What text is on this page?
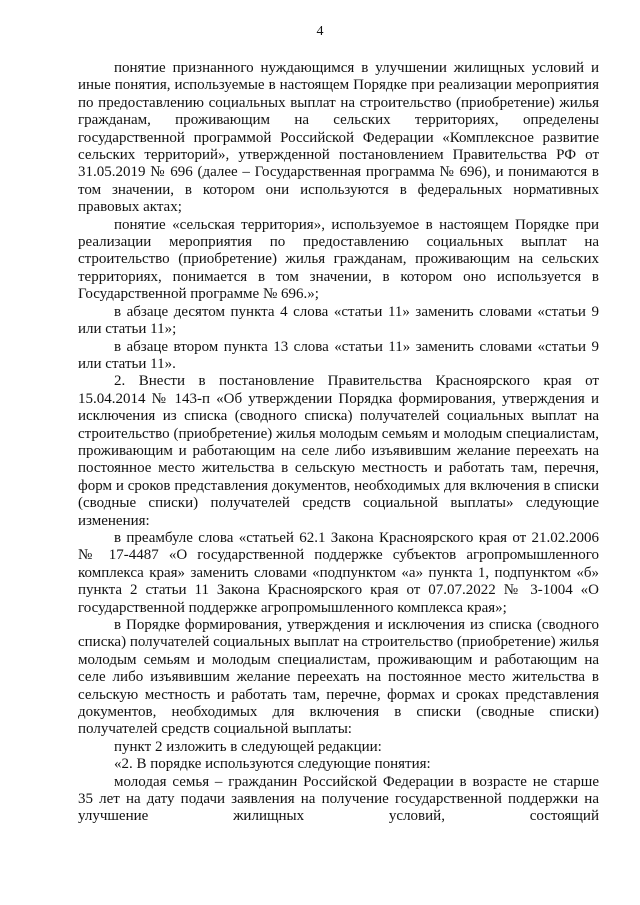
4

понятие признанного нуждающимся в улучшении жилищных условий и иные понятия, используемые в настоящем Порядке при реализации мероприятия по предоставлению социальных выплат на строительство (приобретение) жилья гражданам, проживающим на сельских территориях, определены государственной программой Российской Федерации «Комплексное развитие сельских территорий», утвержденной постановлением Правительства РФ от 31.05.2019 № 696 (далее – Государственная программа № 696), и понимаются в том значении, в котором они используются в федеральных нормативных правовых актах;

понятие «сельская территория», используемое в настоящем Порядке при реализации мероприятия по предоставлению социальных выплат на строительство (приобретение) жилья гражданам, проживающим на сельских территориях, понимается в том значении, в котором оно используется в Государственной программе № 696.»;

в абзаце десятом пункта 4 слова «статьи 11» заменить словами «статьи 9 или статьи 11»;

в абзаце втором пункта 13 слова «статьи 11» заменить словами «статьи 9 или статьи 11».

2. Внести в постановление Правительства Красноярского края от 15.04.2014 № 143-п «Об утверждении Порядка формирования, утверждения и исключения из списка (сводного списка) получателей социальных выплат на строительство (приобретение) жилья молодым семьям и молодым специалистам, проживающим и работающим на селе либо изъявившим желание переехать на постоянное место жительства в сельскую местность и работать там, перечня, форм и сроков представления документов, необходимых для включения в списки (сводные списки) получателей средств социальной выплаты» следующие изменения:

в преамбуле слова «статьей 62.1 Закона Красноярского края от 21.02.2006 № 17-4487 «О государственной поддержке субъектов агропромышленного комплекса края» заменить словами «подпунктом «а» пункта 1, подпунктом «б» пункта 2 статьи 11 Закона Красноярского края от 07.07.2022 № 3-1004 «О государственной поддержке агропромышленного комплекса края»;

в Порядке формирования, утверждения и исключения из списка (сводного списка) получателей социальных выплат на строительство (приобретение) жилья молодым семьям и молодым специалистам, проживающим и работающим на селе либо изъявившим желание переехать на постоянное место жительства в сельскую местность и работать там, перечне, формах и сроках представления документов, необходимых для включения в списки (сводные списки) получателей средств социальной выплаты:

пункт 2 изложить в следующей редакции:

«2. В порядке используются следующие понятия:

молодая семья – гражданин Российской Федерации в возрасте не старше 35 лет на дату подачи заявления на получение государственной поддержки на улучшение жилищных условий, состоящий
